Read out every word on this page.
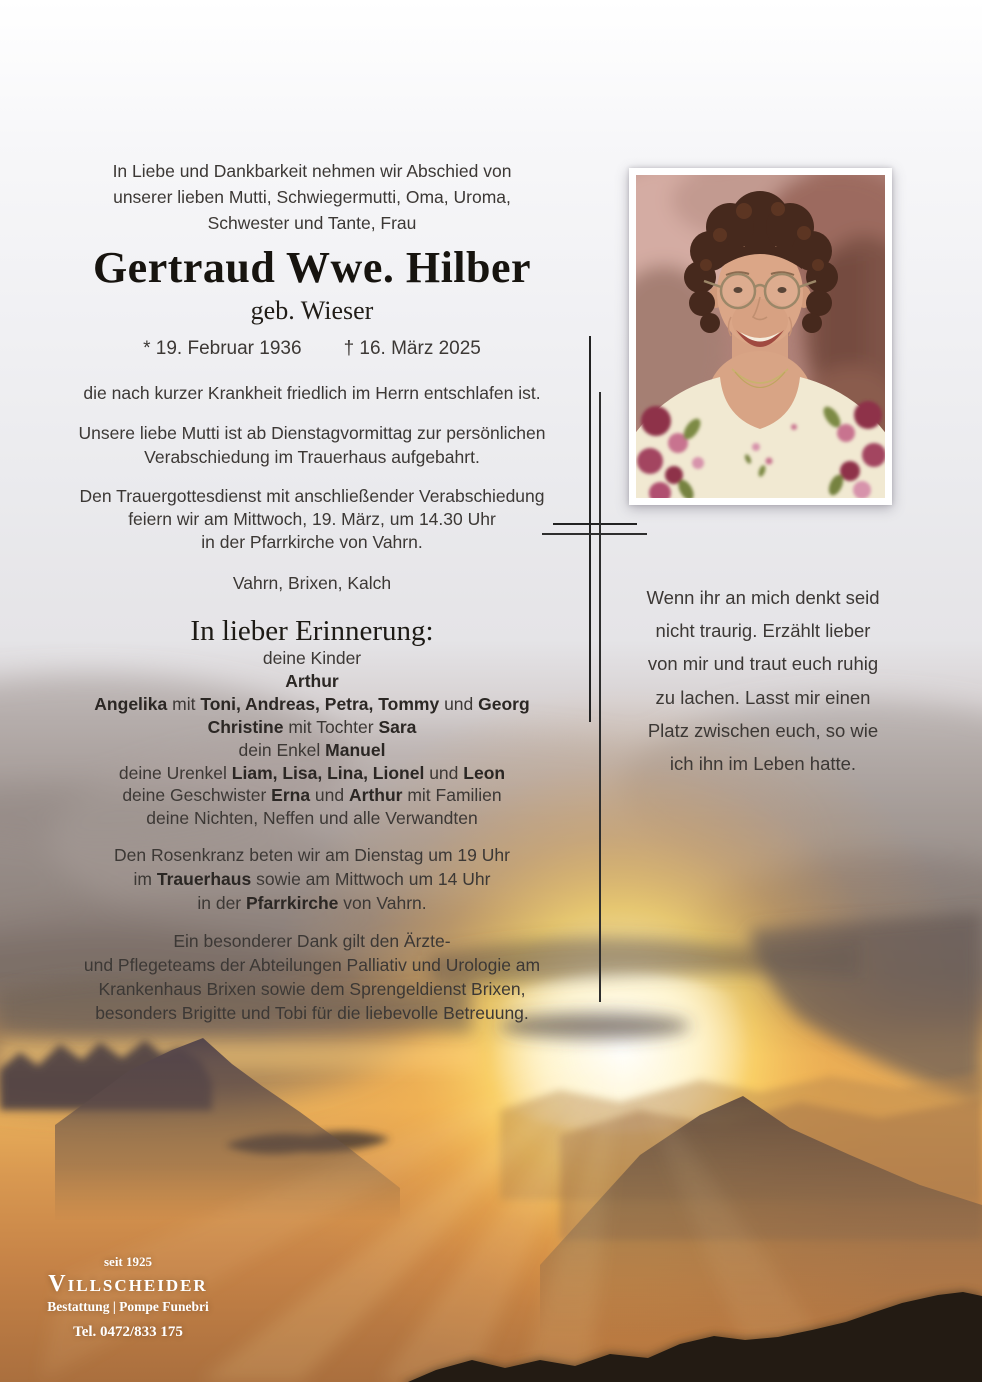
In Liebe und Dankbarkeit nehmen wir Abschied von
unserer lieben Mutti, Schwiegermutti, Oma, Uroma,
Schwester und Tante, Frau
Gertraud Wwe. Hilber
geb. Wieser
* 19. Februar 1936 † 16. März 2025
die nach kurzer Krankheit friedlich im Herrn entschlafen ist.
Unsere liebe Mutti ist ab Dienstagvormittag zur persönlichen
Verabschiedung im Trauerhaus aufgebahrt.
Den Trauergottesdienst mit anschließender Verabschiedung
feiern wir am Mittwoch, 19. März, um 14.30 Uhr
in der Pfarrkirche von Vahrn.
Vahrn, Brixen, Kalch
In lieber Erinnerung:
deine Kinder
Arthur
Angelika mit Toni, Andreas, Petra, Tommy und Georg
Christine mit Tochter Sara
dein Enkel Manuel
deine Urenkel Liam, Lisa, Lina, Lionel und Leon
deine Geschwister Erna und Arthur mit Familien
deine Nichten, Neffen und alle Verwandten
Den Rosenkranz beten wir am Dienstag um 19 Uhr
im Trauerhaus sowie am Mittwoch um 14 Uhr
in der Pfarrkirche von Vahrn.
Ein besonderer Dank gilt den Ärzte-
und Pflegeteams der Abteilungen Palliativ und Urologie am
Krankenhaus Brixen sowie dem Sprengeldienst Brixen,
besonders Brigitte und Tobi für die liebevolle Betreuung.
Wenn ihr an mich denkt seid
nicht traurig. Erzählt lieber
von mir und traut euch ruhig
zu lachen. Lasst mir einen
Platz zwischen euch, so wie
ich ihn im Leben hatte.
seit 1925
Villscheider
Bestattung | Pompe Funebri
Tel. 0472/833 175
